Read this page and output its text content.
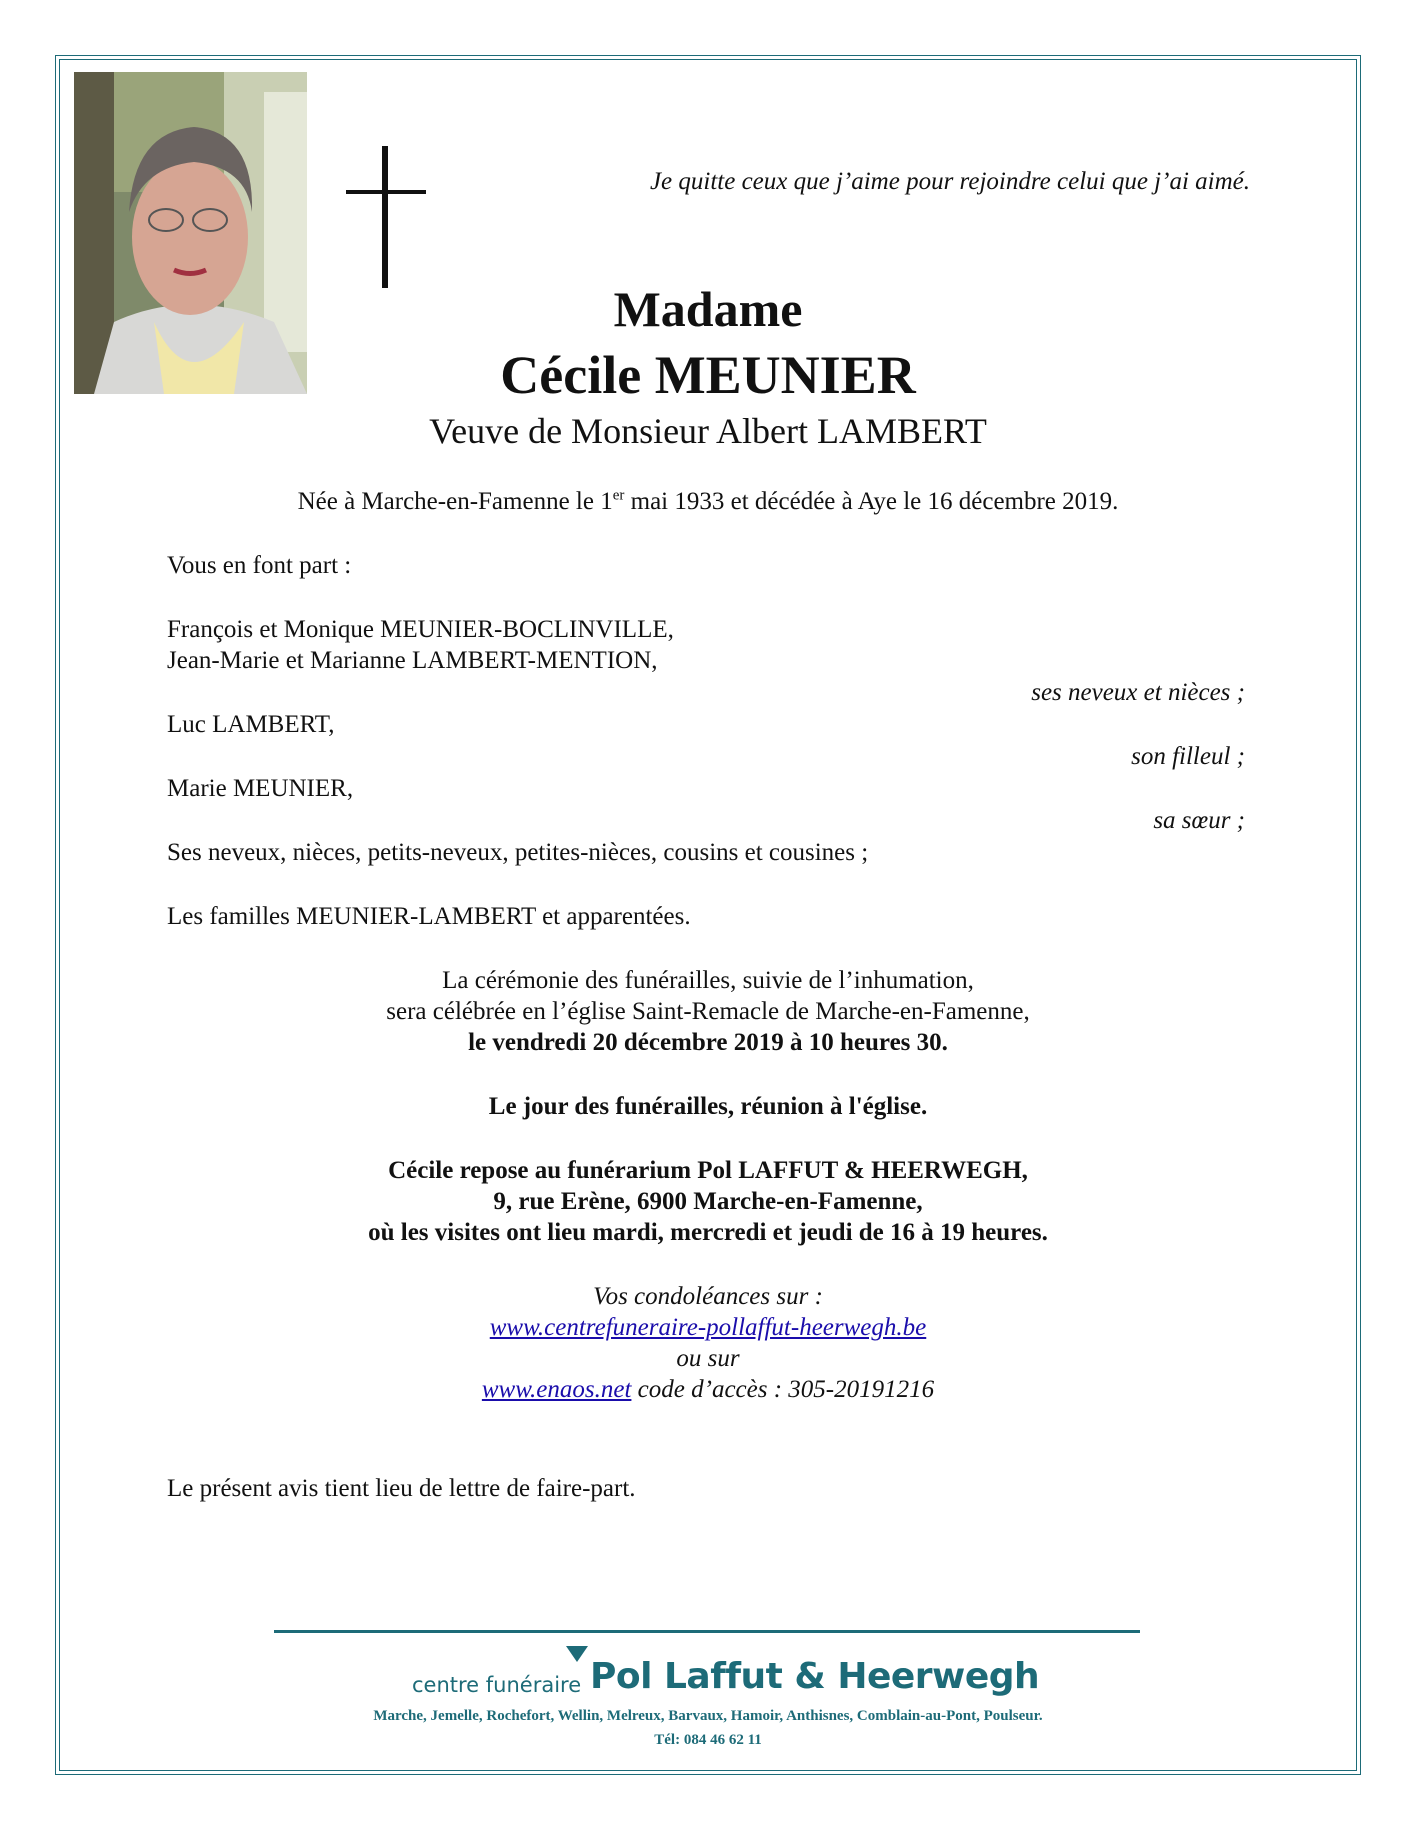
Je quitte ceux que j’aime pour rejoindre celui que j’ai aimé.
Madame
Cécile MEUNIER
Veuve de Monsieur Albert LAMBERT
Née à Marche-en-Famenne le 1er mai 1933 et décédée à Aye le 16 décembre 2019.
Vous en font part :
François et Monique MEUNIER-BOCLINVILLE,
Jean-Marie et Marianne LAMBERT-MENTION,
ses neveux et nièces ;
Luc LAMBERT,
son filleul ;
Marie MEUNIER,
sa sœur ;
Ses neveux, nièces, petits-neveux, petites-nièces, cousins et cousines ;
Les familles MEUNIER-LAMBERT et apparentées.
La cérémonie des funérailles, suivie de l’inhumation,
sera célébrée en l’église Saint-Remacle de Marche-en-Famenne,
le vendredi 20 décembre 2019 à 10 heures 30.
Le jour des funérailles, réunion à l'église.
Cécile repose au funérarium Pol LAFFUT & HEERWEGH,
9, rue Erène, 6900 Marche-en-Famenne,
où les visites ont lieu mardi, mercredi et jeudi de 16 à 19 heures.
Vos condoléances sur :
www.centrefuneraire-pollaffut-heerwegh.be
ou sur
www.enaos.net code d’accès : 305-20191216
Le présent avis tient lieu de lettre de faire-part.
centre funéraire Pol Laffut & Heerwegh
Marche, Jemelle, Rochefort, Wellin, Melreux, Barvaux, Hamoir, Anthisnes, Comblain-au-Pont, Poulseur.
Tél: 084 46 62 11
